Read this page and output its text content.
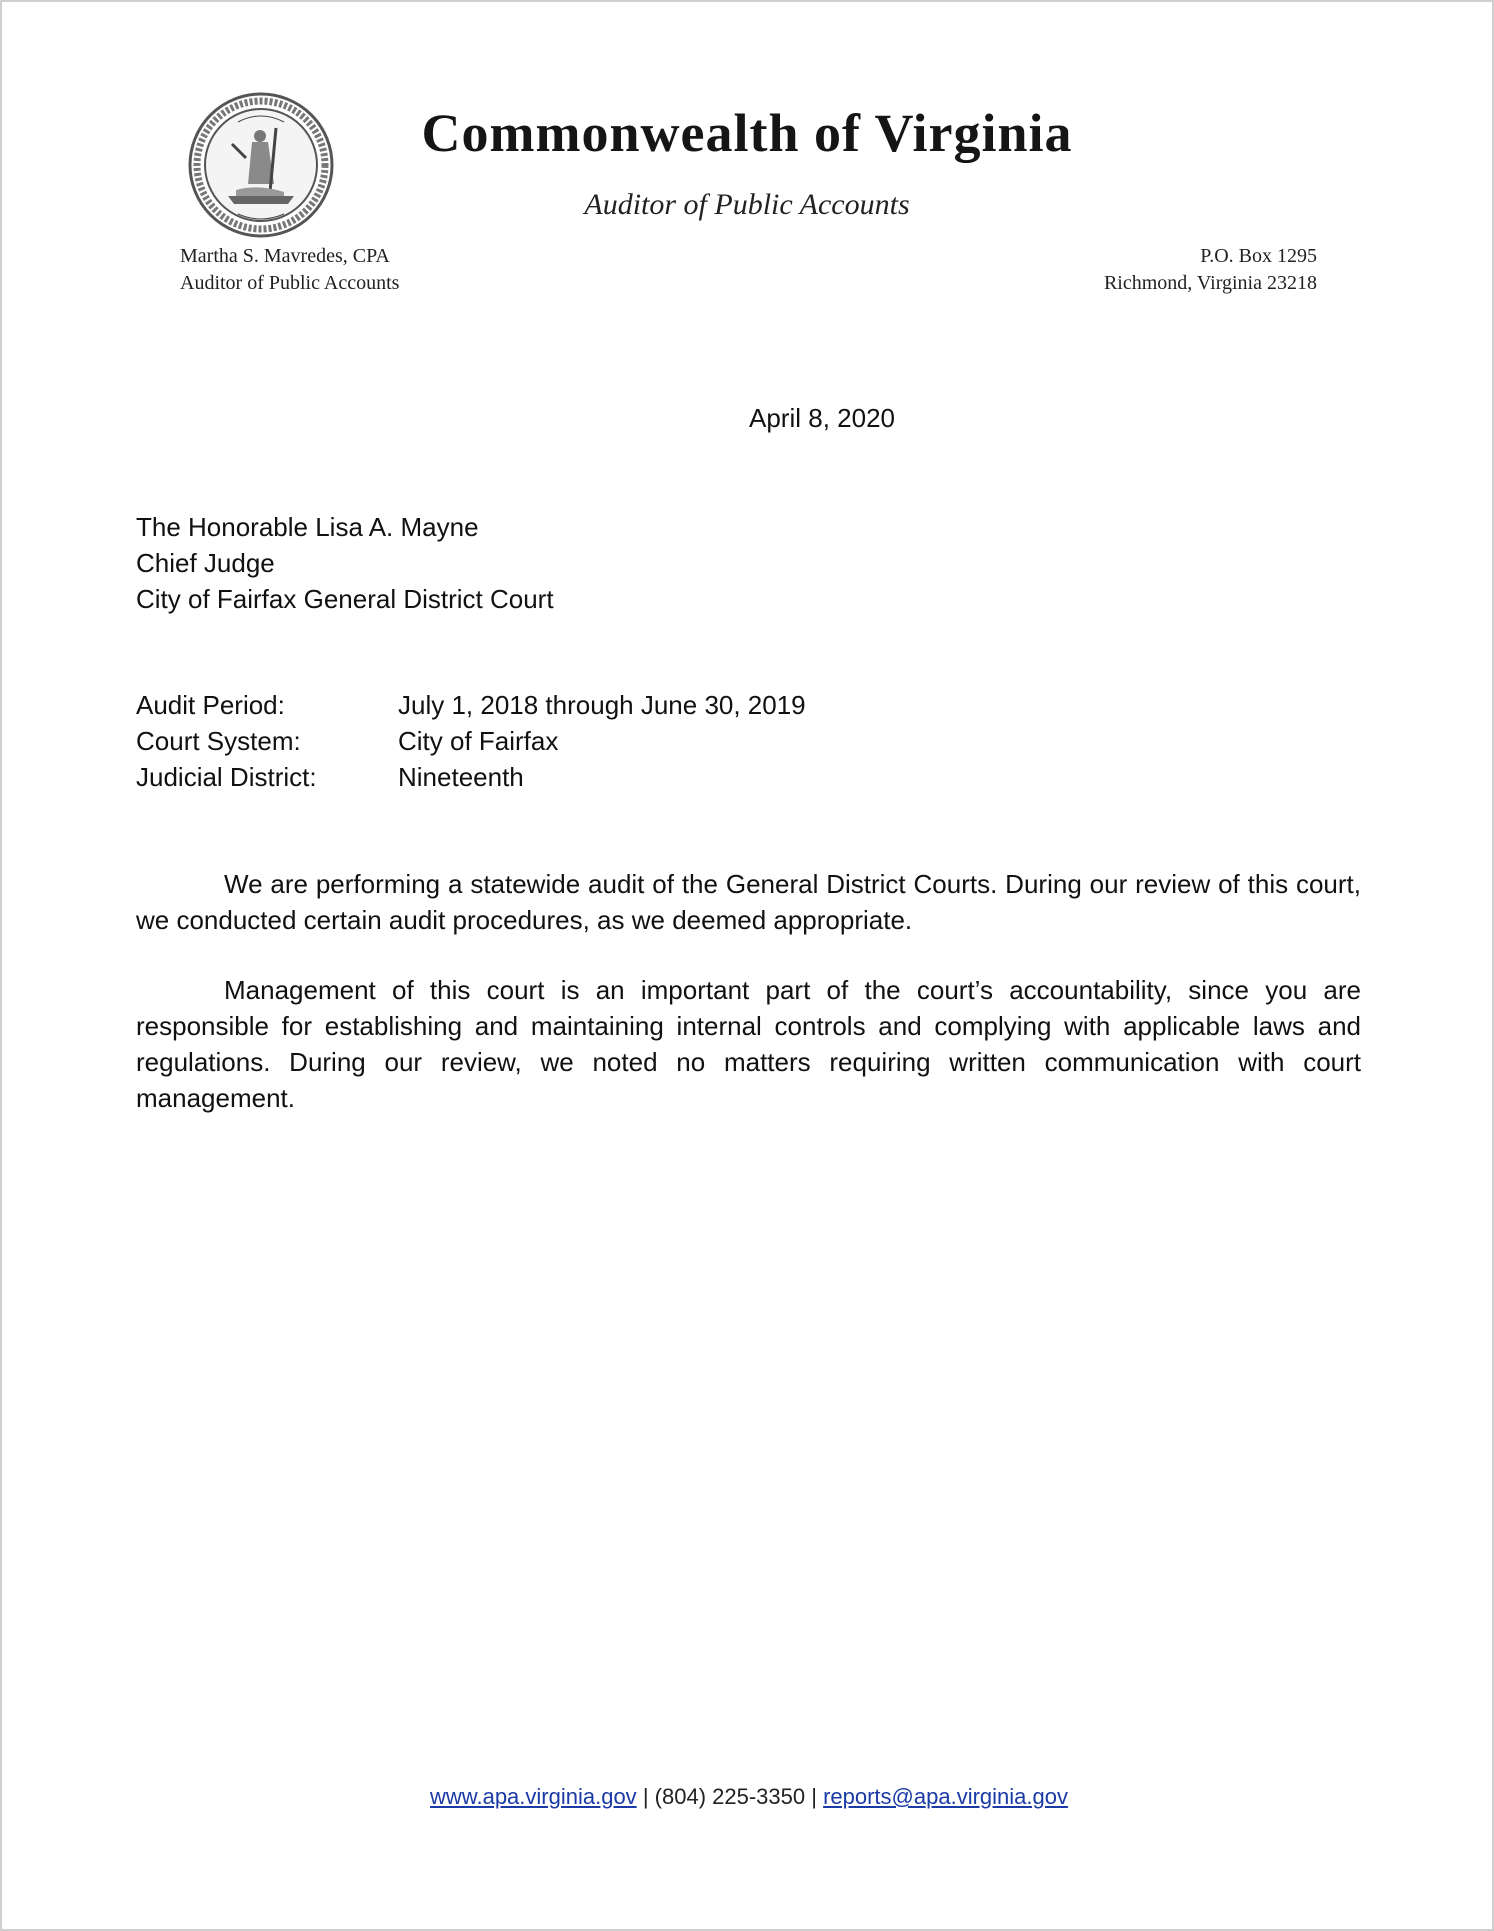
Commonwealth of Virginia
Auditor of Public Accounts
Martha S. Mavredes, CPA
Auditor of Public Accounts
P.O. Box 1295
Richmond, Virginia 23218
April 8, 2020
The Honorable Lisa A. Mayne
Chief Judge
City of Fairfax General District Court
Audit Period:	July 1, 2018 through June 30, 2019
Court System:	City of Fairfax
Judicial District:	Nineteenth

We are performing a statewide audit of the General District Courts. During our review of this court, we conducted certain audit procedures, as we deemed appropriate.

Management of this court is an important part of the court’s accountability, since you are responsible for establishing and maintaining internal controls and complying with applicable laws and regulations. During our review, we noted no matters requiring written communication with court management.

www.apa.virginia.gov | (804) 225-3350 | reports@apa.virginia.gov
